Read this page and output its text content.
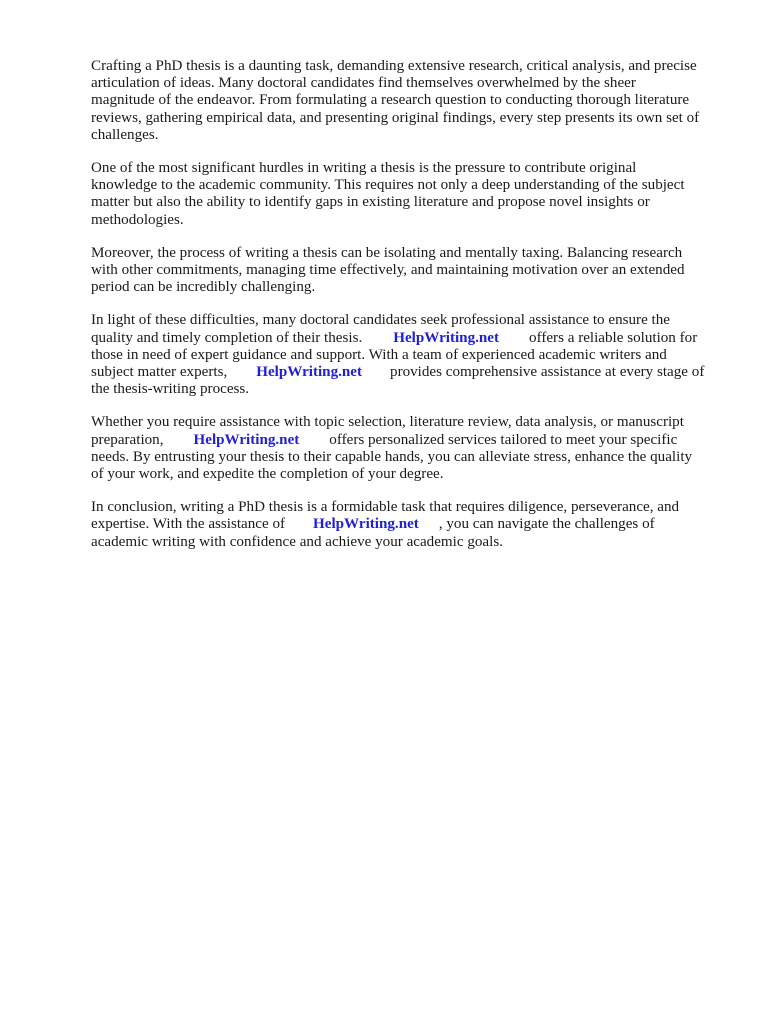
Crafting a PhD thesis is a daunting task, demanding extensive research, critical analysis, and precise
articulation of ideas. Many doctoral candidates find themselves overwhelmed by the sheer
magnitude of the endeavor. From formulating a research question to conducting thorough literature
reviews, gathering empirical data, and presenting original findings, every step presents its own set of
challenges.

One of the most significant hurdles in writing a thesis is the pressure to contribute original
knowledge to the academic community. This requires not only a deep understanding of the subject
matter but also the ability to identify gaps in existing literature and propose novel insights or
methodologies.

Moreover, the process of writing a thesis can be isolating and mentally taxing. Balancing research
with other commitments, managing time effectively, and maintaining motivation over an extended
period can be incredibly challenging.

In light of these difficulties, many doctoral candidates seek professional assistance to ensure the
quality and timely completion of their thesis. HelpWriting.net offers a reliable solution for
those in need of expert guidance and support. With a team of experienced academic writers and
subject matter experts, HelpWriting.net provides comprehensive assistance at every stage of
the thesis-writing process.

Whether you require assistance with topic selection, literature review, data analysis, or manuscript
preparation, HelpWriting.net offers personalized services tailored to meet your specific
needs. By entrusting your thesis to their capable hands, you can alleviate stress, enhance the quality
of your work, and expedite the completion of your degree.

In conclusion, writing a PhD thesis is a formidable task that requires diligence, perseverance, and
expertise. With the assistance of HelpWriting.net , you can navigate the challenges of
academic writing with confidence and achieve your academic goals.
